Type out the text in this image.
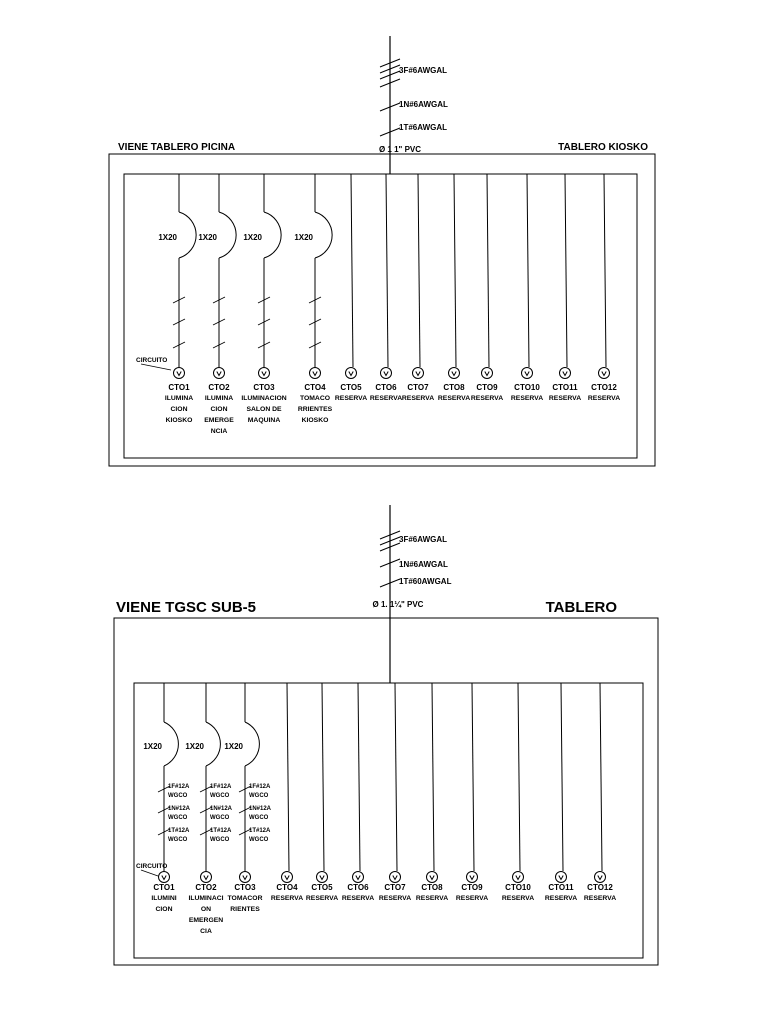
VIENE TABLERO PICINA	TABLERO KIOSKO
3F#6AWGAL
1N#6AWGAL
1T#6AWGAL
Ø 1 1" PVC
CIRCUITO
1X20
CTO1
ILUMINA
CION
KIOSKO
1X20
CTO2
ILUMINA
CION
EMERGE
NCIA
1X20
CTO3
ILUMINACION
SALON DE
MAQUINA
1X20
CTO4
TOMACO
RRIENTES
KIOSKO
CTO5
RESERVA
CTO6
RESERVA
CTO7
RESERVA
CTO8
RESERVA
CTO9
RESERVA
CTO10
RESERVA
CTO11
RESERVA
CTO12
RESERVA
VIENE TGSC SUB-5	TABLERO
3F#6AWGAL
1N#6AWGAL
1T#60AWGAL
Ø 1. 1¼" PVC
CIRCUITO
1X20
1F#12A
WGCO
1N#12A
WGCO
1T#12A
WGCO
CTO1
ILUMINI
CION
1X20
1F#12A
WGCO
1N#12A
WGCO
1T#12A
WGCO
CTO2
ILUMINACI
ON
EMERGEN
CIA
1X20
1F#12A
WGCO
1N#12A
WGCO
1T#12A
WGCO
CTO3
TOMACOR
RIENTES
CTO4
RESERVA
CTO5
RESERVA
CTO6
RESERVA
CTO7
RESERVA
CTO8
RESERVA
CTO9
RESERVA
CTO10
RESERVA
CTO11
RESERVA
CTO12
RESERVA
